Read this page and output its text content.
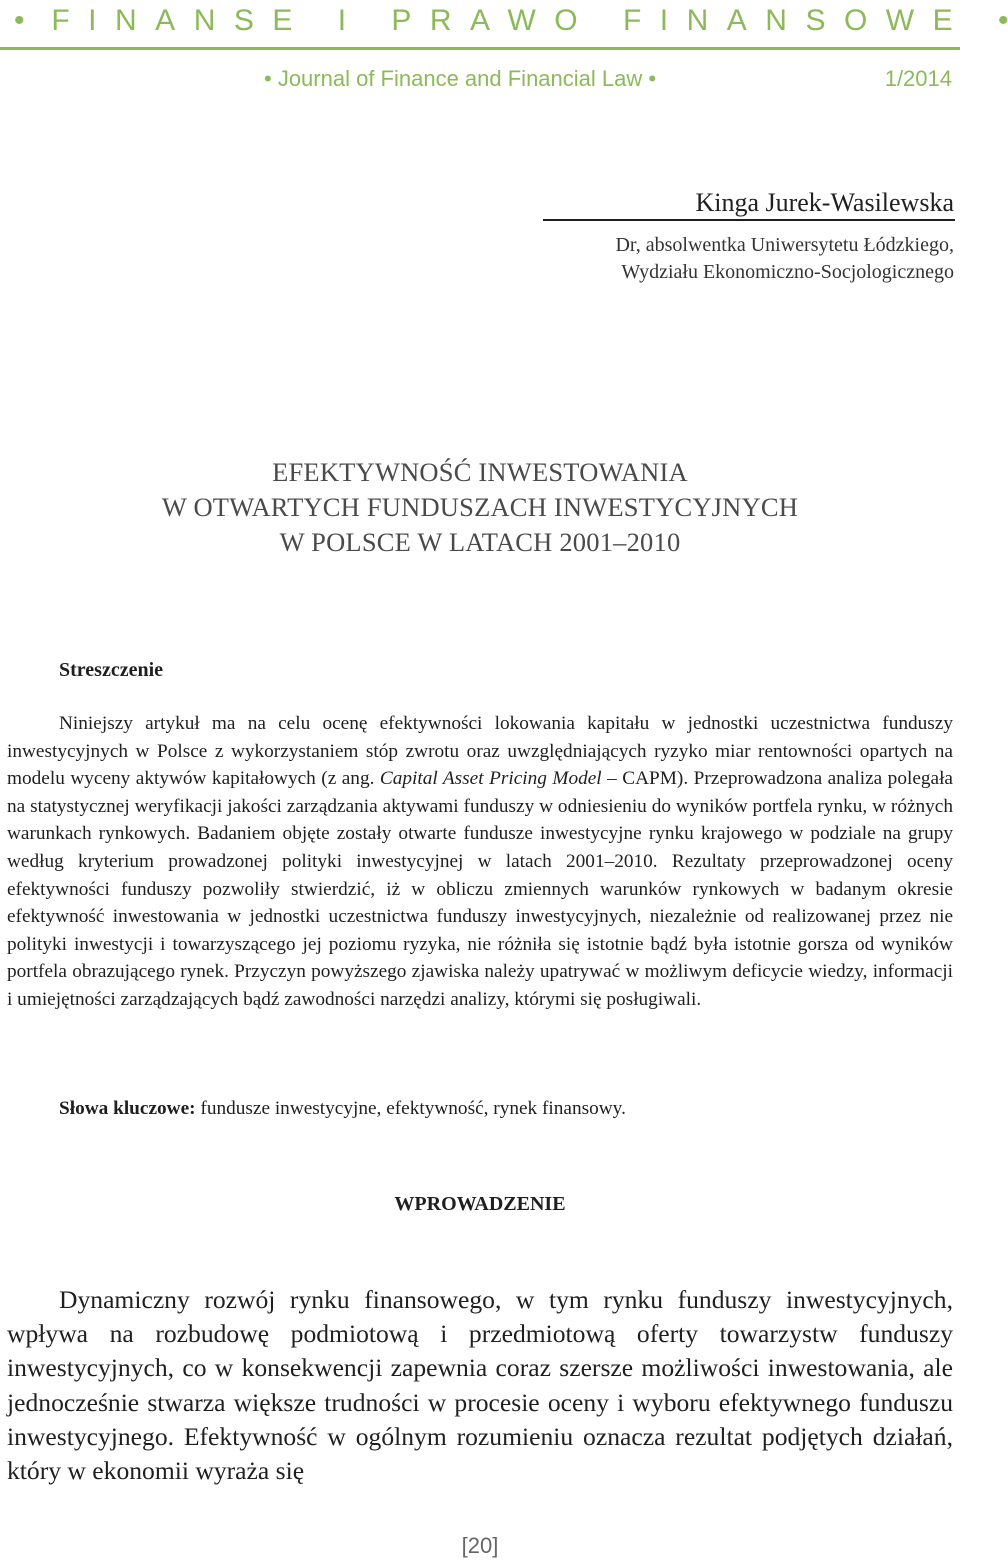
• FINANSE I PRAWO FINANSOWE •
• Journal of Finance and Financial Law •	1/2014
Kinga Jurek-Wasilewska
Dr, absolwentka Uniwersytetu Łódzkiego,
Wydziału Ekonomiczno-Socjologicznego
EFEKTYWNOŚĆ INWESTOWANIA
W OTWARTYCH FUNDUSZACH INWESTYCYJNYCH
W POLSCE W LATACH 2001–2010
Streszczenie
Niniejszy artykuł ma na celu ocenę efektywności lokowania kapitału w jednostki uczestnictwa funduszy inwestycyjnych w Polsce z wykorzystaniem stóp zwrotu oraz uwzględniających ryzyko miar rentowności opartych na modelu wyceny aktywów kapitałowych (z ang. Capital Asset Pricing Model – CAPM). Przeprowadzona analiza polegała na statystycznej weryfikacji jakości zarządzania aktywami funduszy w odniesieniu do wyników portfela rynku, w różnych warunkach rynkowych. Badaniem objęte zostały otwarte fundusze inwestycyjne rynku krajowego w podziale na grupy według kryterium prowadzonej polityki inwestycyjnej w latach 2001–2010. Rezultaty przeprowadzonej oceny efektywności funduszy pozwoliły stwierdzić, iż w obliczu zmiennych warunków rynkowych w badanym okresie efektywność inwestowania w jednostki uczestnictwa funduszy inwestycyjnych, niezależnie od realizowanej przez nie polityki inwestycji i towarzyszącego jej poziomu ryzyka, nie różniła się istotnie bądź była istotnie gorsza od wyników portfela obrazującego rynek. Przyczyn powyższego zjawiska należy upatrywać w możliwym deficycie wiedzy, informacji i umiejętności zarządzających bądź zawodności narzędzi analizy, którymi się posługiwali.
Słowa kluczowe: fundusze inwestycyjne, efektywność, rynek finansowy.
WPROWADZENIE
Dynamiczny rozwój rynku finansowego, w tym rynku funduszy inwestycyjnych, wpływa na rozbudowę podmiotową i przedmiotową oferty towarzystw funduszy inwestycyjnych, co w konsekwencji zapewnia coraz szersze możliwości inwestowania, ale jednocześnie stwarza większe trudności w procesie oceny i wyboru efektywnego funduszu inwestycyjnego. Efektywność w ogólnym rozumieniu oznacza rezultat podjętych działań, który w ekonomii wyraża się
[20]
